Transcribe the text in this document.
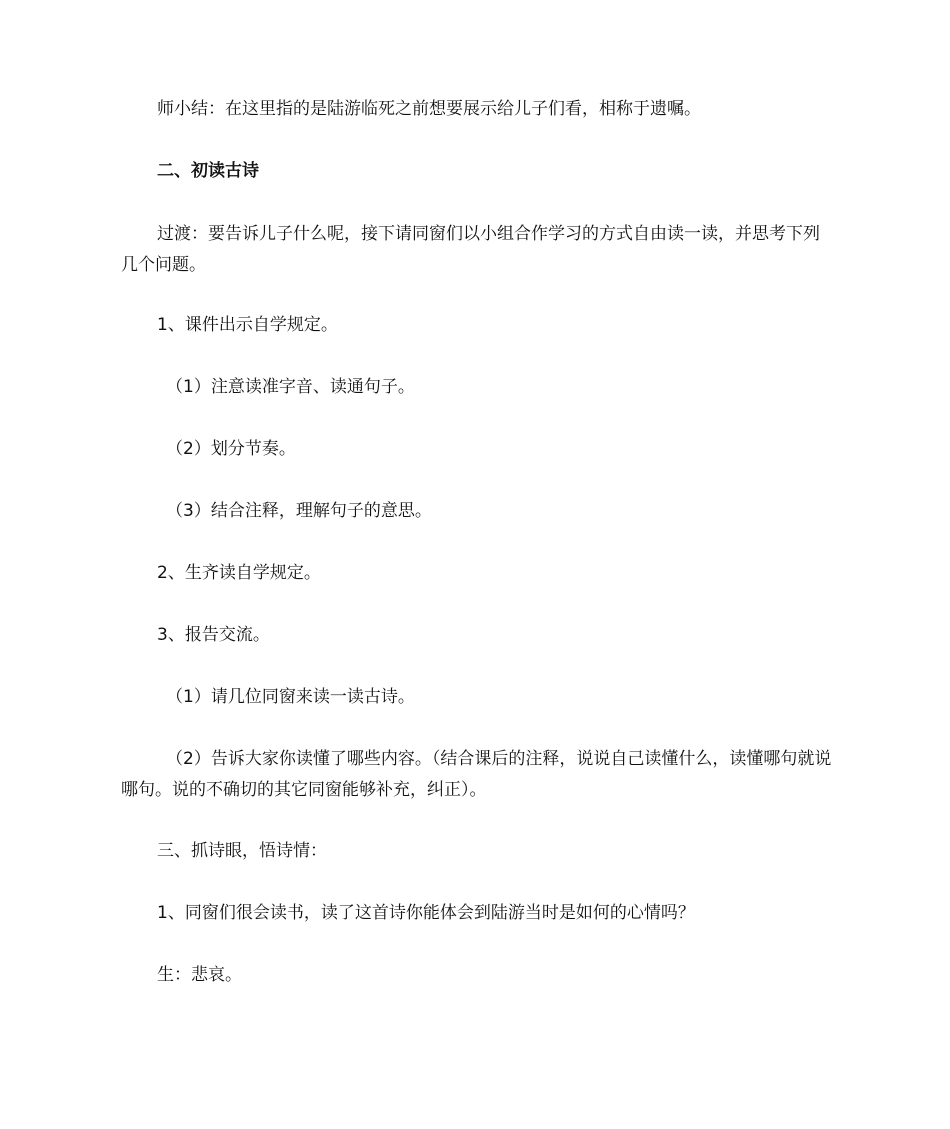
师小结：在这里指的是陆游临死之前想要展示给儿子们看，相称于遗嘱。

二、初读古诗

过渡：要告诉儿子什么呢，接下请同窗们以小组合作学习的方式自由读一读，并思考下列几个问题。

1、课件出示自学规定。

（1）注意读准字音、读通句子。

（2）划分节奏。

（3）结合注释，理解句子的意思。

2、生齐读自学规定。

3、报告交流。

（1）请几位同窗来读一读古诗。

（2）告诉大家你读懂了哪些内容。（结合课后的注释，说说自己读懂什么，读懂哪句就说哪句。说的不确切的其它同窗能够补充，纠正）。

三、抓诗眼，悟诗情：

1、同窗们很会读书，读了这首诗你能体会到陆游当时是如何的心情吗？

生：悲哀。
